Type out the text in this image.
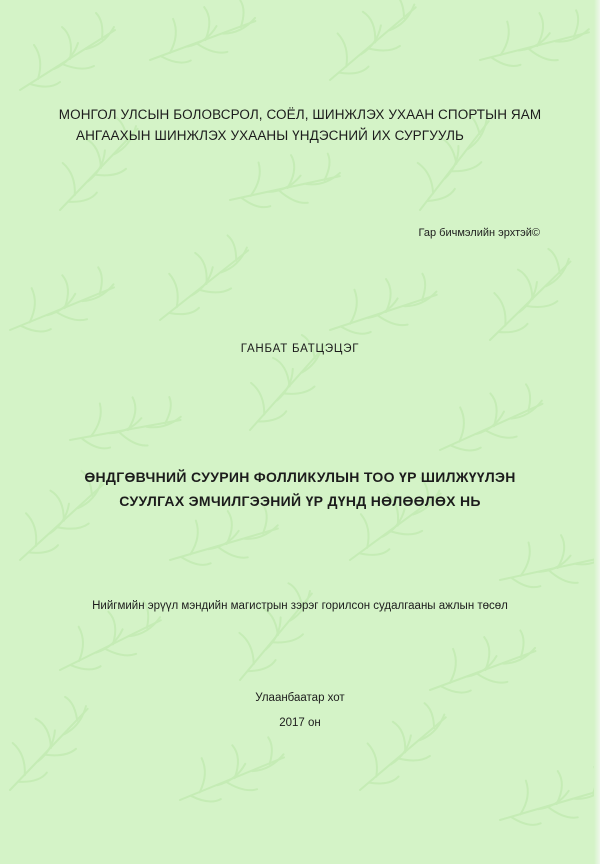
МОНГОЛ УЛСЫН БОЛОВСРОЛ, СОЁЛ, ШИНЖЛЭХ УХААН СПОРТЫН ЯАМ
АНГААХЫН ШИНЖЛЭХ УХААНЫ ҮНДЭСНИЙ ИХ СУРГУУЛЬ
Гар бичмэлийн эрхтэй©
ГАНБАТ БАТЦЭЦЭГ
ӨНДГӨВЧНИЙ СУУРИН ФОЛЛИКУЛЫН ТОО ҮР ШИЛЖҮҮЛЭН
СУУЛГАХ ЭМЧИЛГЭЭНИЙ ҮР ДҮНД НӨЛӨӨЛӨХ НЬ
Нийгмийн эрүүл мэндийн магистрын зэрэг горилсон судалгааны ажлын төсөл
Улаанбаатар хот
2017 он
